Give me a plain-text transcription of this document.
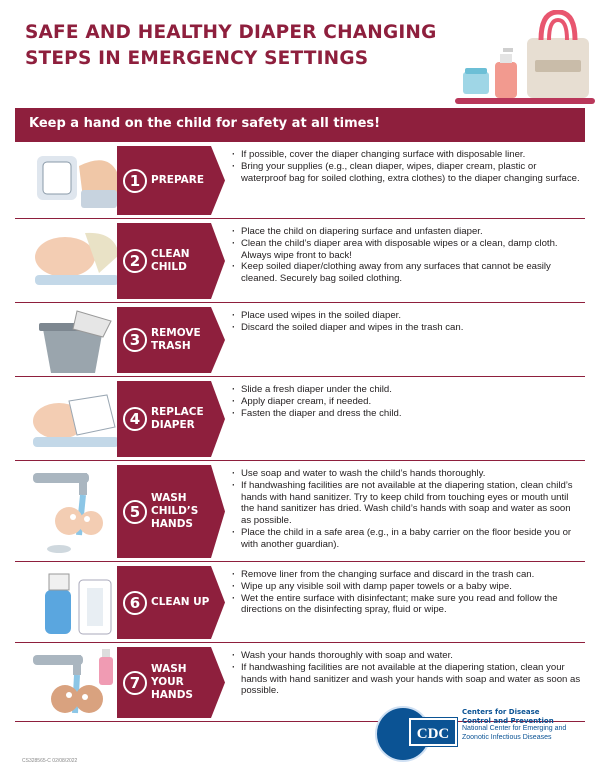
SAFE AND HEALTHY DIAPER CHANGING
STEPS IN EMERGENCY SETTINGS
Keep a hand on the child for safety at all times!
1	PREPARE
· If possible, cover the diaper changing surface with disposable liner.
· Bring your supplies (e.g., clean diaper, wipes, diaper cream, plastic or waterproof bag for soiled clothing, extra clothes) to the diaper changing surface.
2	CLEAN
CHILD
· Place the child on diapering surface and unfasten diaper.
· Clean the child’s diaper area with disposable wipes or a clean, damp cloth. Always wipe front to back!
· Keep soiled diaper/clothing away from any surfaces that cannot be easily cleaned. Securely bag soiled clothing.
3	REMOVE
TRASH
· Place used wipes in the soiled diaper.
· Discard the soiled diaper and wipes in the trash can.
4	REPLACE
DIAPER
· Slide a fresh diaper under the child.
· Apply diaper cream, if needed.
· Fasten the diaper and dress the child.
5
WASH
CHILD’S
HANDS
· Use soap and water to wash the child’s hands thoroughly.
· If handwashing facilities are not available at the diapering station, clean child’s hands with hand sanitizer. Try to keep child from touching eyes or mouth until the hand sanitizer has dried. Wash child’s hands with soap and water as soon as possible.
· Place the child in a safe area (e.g., in a baby carrier on the floor beside you or with another guardian).
6	CLEAN UP
· Remove liner from the changing surface and discard in the trash can.
· Wipe up any visible soil with damp paper towels or a baby wipe.
· Wet the entire surface with disinfectant; make sure you read and follow the directions on the disinfecting spray, fluid or wipe.
7
WASH
YOUR
HANDS
· Wash your hands thoroughly with soap and water.
· If handwashing facilities are not available at the diapering station, clean your hands with hand sanitizer and wash your hands with soap and water as soon as possible.
CS328565-C 02/08/2022
CDC
Centers for Disease
Control and Prevention
National Center for Emerging and
Zoonotic Infectious Diseases
